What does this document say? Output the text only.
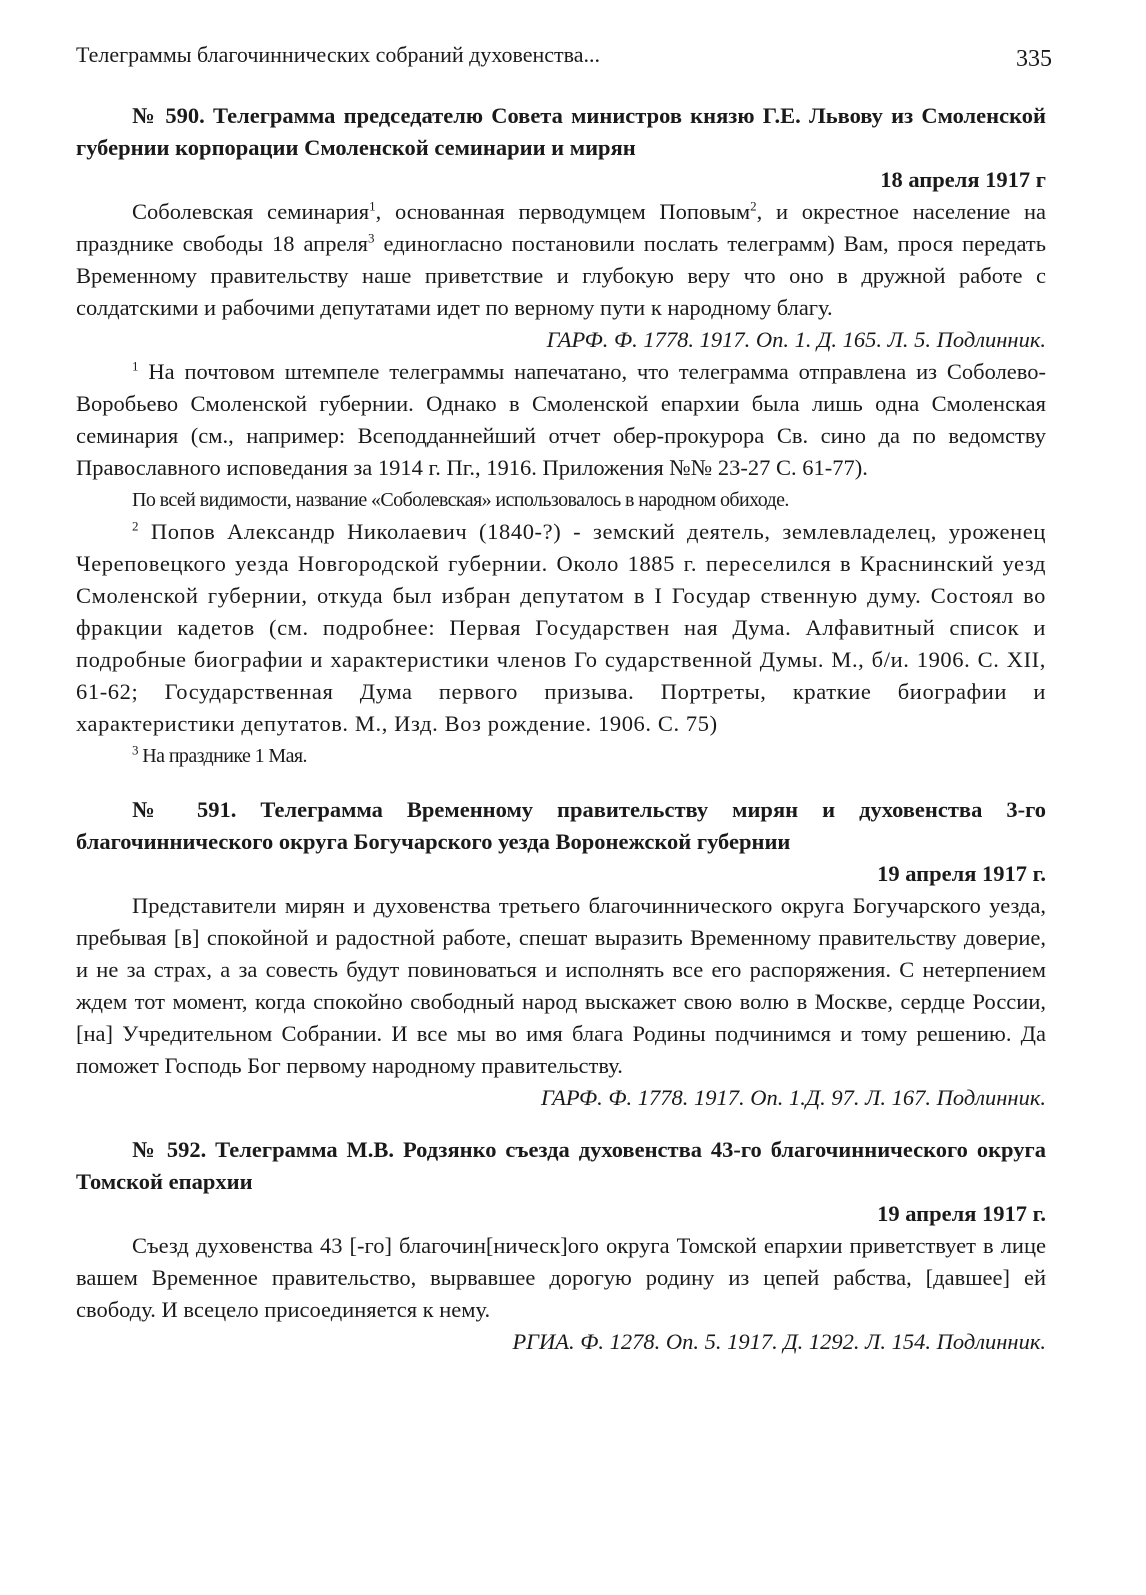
Телеграммы благочиннических собраний духовенства...	335

№ 590. Телеграмма председателю Совета министров князю Г.Е. Львову из Смоленской губернии корпорации Смоленской семинарии и мирян

18 апреля 1917 г

Соболевская семинария$^1$, основанная перводумцем Поповым$^2$, и окрестное население на празднике свободы 18 апреля$^3$ единогласно постановили послать телеграмм) Вам, прося передать Временному правительству наше приветствие и глубокую веру что оно в дружной работе с солдатскими и рабочими депутатами идет по верному пути к народному благу.

ГАРФ. Ф. 1778. 1917. Оп. 1. Д. 165. Л. 5. Подлинник.

$^1$ На почтовом штемпеле телеграммы напечатано, что телеграмма отправлена из Соболево-Воробьево Смоленской губернии. Однако в Смоленской епархии была лишь одна Смоленская семинария (см., например: Всеподданнейший отчет обер-прокурора Св. сино да по ведомству Православного исповедания за 1914 г. Пг., 1916. Приложения №№ 23-27 С. 61-77).

По всей видимости, название «Соболевская» использовалось в народном обиходе.

$^2$ Попов Александр Николаевич (1840-?) - земский деятель, землевладелец, уроженец Череповецкого уезда Новгородской губернии. Около 1885 г. переселился в Краснинский уезд Смоленской губернии, откуда был избран депутатом в I Государ ственную думу. Состоял во фракции кадетов (см. подробнее: Первая Государствен ная Дума. Алфавитный список и подробные биографии и характеристики членов Го сударственной Думы. М., б/и. 1906. С. XII, 61-62; Государственная Дума первого призыва. Портреты, краткие биографии и характеристики депутатов. М., Изд. Воз рождение. 1906. С. 75)

$^3$ На празднике 1 Мая.

№ 591. Телеграмма Временному правительству мирян и духовенства 3-го благочиннического округа Богучарского уезда Воронежской губернии

19 апреля 1917 г.

Представители мирян и духовенства третьего благочиннического округа Богучарского уезда, пребывая [в] спокойной и радостной работе, спешат выразить Временному правительству доверие, и не за страх, а за совесть будут повиноваться и исполнять все его распоряжения. С нетерпением ждем тот момент, когда спокойно свободный народ выскажет свою волю в Москве, сердце России, [на] Учредительном Собрании. И все мы во имя блага Родины подчинимся и тому решению. Да поможет Господь Бог первому народному правительству.

ГАРФ. Ф. 1778. 1917. Оп. 1.Д. 97. Л. 167. Подлинник.

№ 592. Телеграмма М.В. Родзянко съезда духовенства 43-го благочиннического округа Томской епархии

19 апреля 1917 г.

Съезд духовенства 43 [-го] благочин[ническ]ого округа Томской епархии приветствует в лице вашем Временное правительство, вырвавшее дорогую родину из цепей рабства, [давшее] ей свободу. И всецело присоединяется к нему.

РГИА. Ф. 1278. Оп. 5. 1917. Д. 1292. Л. 154. Подлинник.
